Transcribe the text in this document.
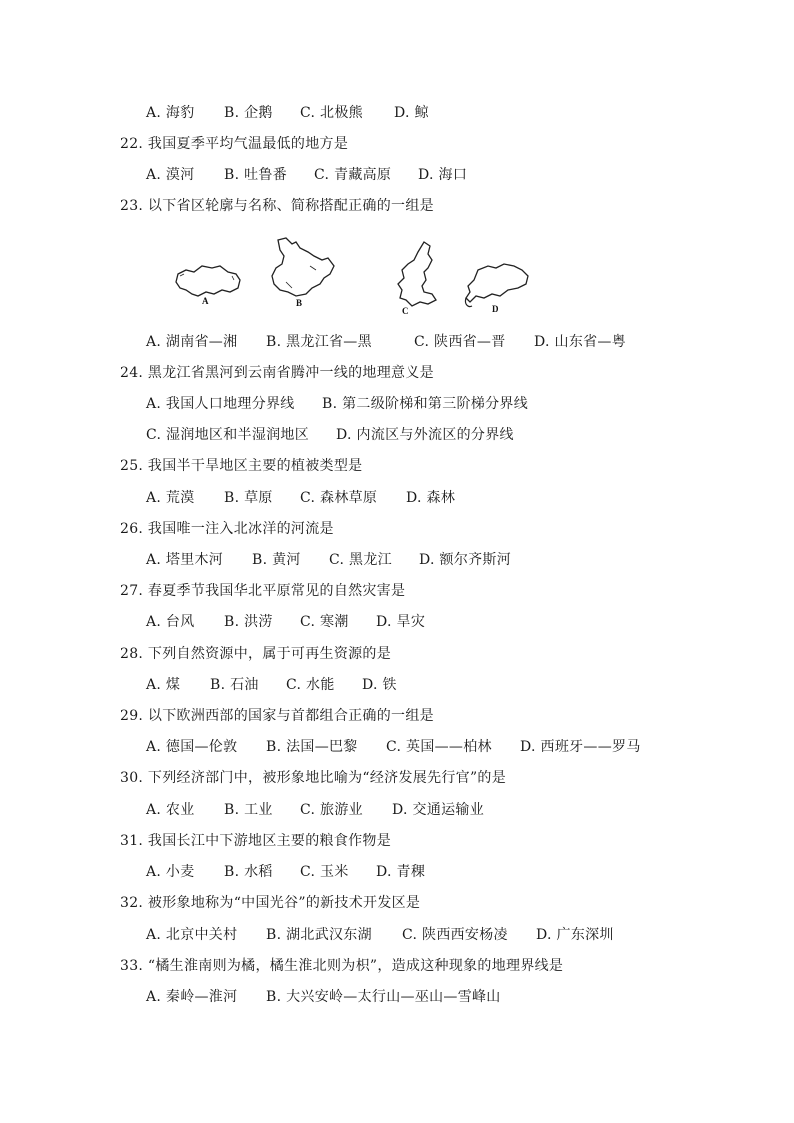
A. 海豹 B. 企鹅 C. 北极熊 D. 鲸
22. 我国夏季平均气温最低的地方是
A. 漠河 B. 吐鲁番 C. 青藏高原 D. 海口
23. 以下省区轮廓与名称、简称搭配正确的一组是
A	B
C	D
A. 湖南省—湘 B. 黑龙江省—黑	C. 陕西省—晋 D. 山东省—粤
24. 黑龙江省黑河到云南省腾冲一线的地理意义是
A. 我国人口地理分界线 B. 第二级阶梯和第三阶梯分界线
C. 湿润地区和半湿润地区 D. 内流区与外流区的分界线
25. 我国半干旱地区主要的植被类型是
A. 荒漠 B. 草原 C. 森林草原 D. 森林
26. 我国唯一注入北冰洋的河流是
A. 塔里木河 B. 黄河 C. 黑龙江 D. 额尔齐斯河
27. 春夏季节我国华北平原常见的自然灾害是
A. 台风 B. 洪涝 C. 寒潮 D. 旱灾
28. 下列自然资源中，属于可再生资源的是
A. 煤 B. 石油 C. 水能 D. 铁
29. 以下欧洲西部的国家与首都组合正确的一组是
A. 德国—伦敦 B. 法国—巴黎 C. 英国——柏林 D. 西班牙——罗马
30. 下列经济部门中，被形象地比喻为“经济发展先行官”的是
A. 农业 B. 工业 C. 旅游业 D. 交通运输业
31. 我国长江中下游地区主要的粮食作物是
A. 小麦 B. 水稻 C. 玉米 D. 青稞
32. 被形象地称为“中国光谷”的新技术开发区是
A. 北京中关村 B. 湖北武汉东湖 C. 陕西西安杨凌 D. 广东深圳
33. “橘生淮南则为橘，橘生淮北则为枳”，造成这种现象的地理界线是
A. 秦岭—淮河 B. 大兴安岭—太行山—巫山—雪峰山
